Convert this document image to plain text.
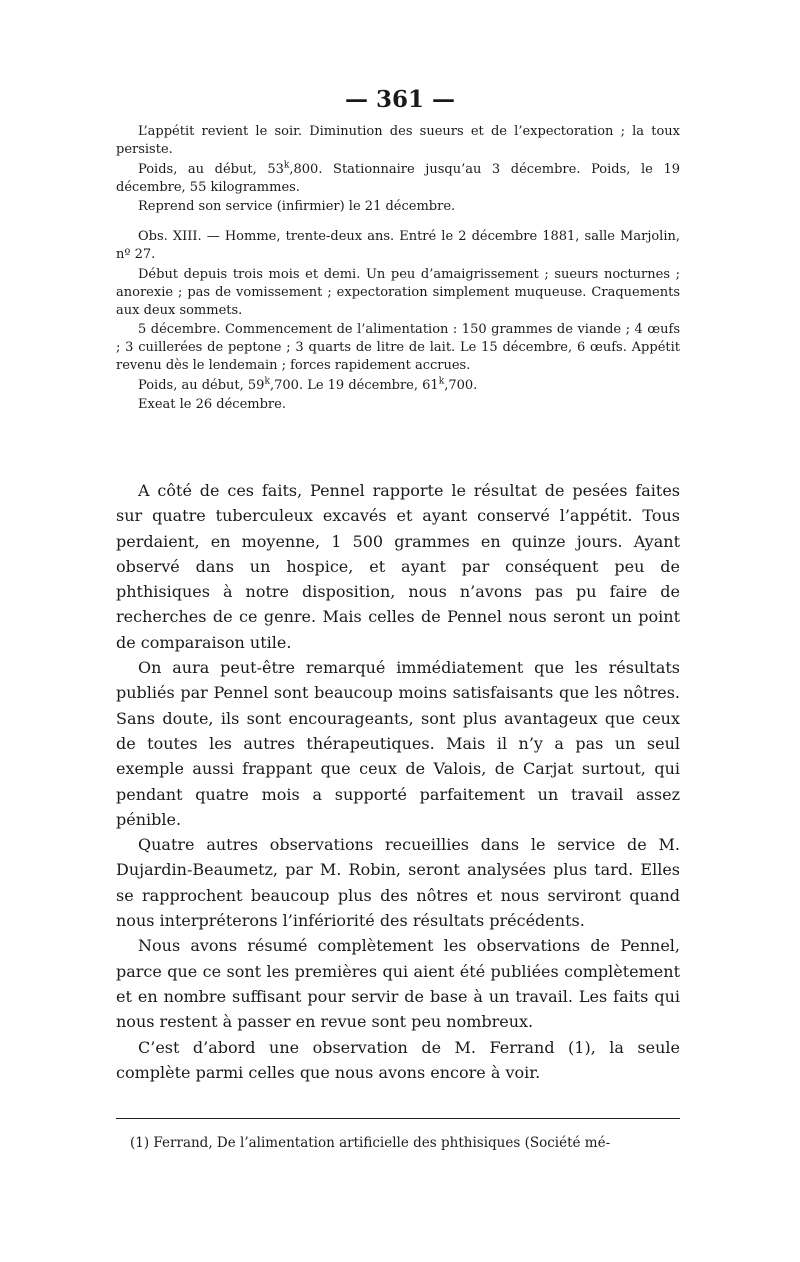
— 361 —

L’appétit revient le soir. Diminution des sueurs et de l’expectoration ; la toux persiste.

Poids, au début, 53$^k$,800. Stationnaire jusqu’au 3 décembre. Poids, le 19 décembre, 55 kilogrammes.

Reprend son service (infirmier) le 21 décembre.

Obs. XIII. — Homme, trente-deux ans. Entré le 2 décembre 1881, salle Marjolin, nº 27.

Début depuis trois mois et demi. Un peu d’amaigrissement ; sueurs nocturnes ; anorexie ; pas de vomissement ; expectoration simplement muqueuse. Craquements aux deux sommets.

5 décembre. Commencement de l’alimentation : 150 grammes de viande ; 4 œufs ; 3 cuillerées de peptone ; 3 quarts de litre de lait. Le 15 décembre, 6 œufs. Appétit revenu dès le lendemain ; forces rapidement accrues.

Poids, au début, 59$^k$,700. Le 19 décembre, 61$^k$,700.

Exeat le 26 décembre.

A côté de ces faits, Pennel rapporte le résultat de pesées faites sur quatre tuberculeux excavés et ayant conservé l’appétit. Tous perdaient, en moyenne, 1 500 grammes en quinze jours. Ayant observé dans un hospice, et ayant par conséquent peu de phthisiques à notre disposition, nous n’avons pas pu faire de recherches de ce genre. Mais celles de Pennel nous seront un point de comparaison utile.

On aura peut-être remarqué immédiatement que les résultats publiés par Pennel sont beaucoup moins satisfaisants que les nôtres. Sans doute, ils sont encourageants, sont plus avantageux que ceux de toutes les autres thérapeutiques. Mais il n’y a pas un seul exemple aussi frappant que ceux de Valois, de Carjat surtout, qui pendant quatre mois a supporté parfaitement un travail assez pénible.

Quatre autres observations recueillies dans le service de M. Dujardin-Beaumetz, par M. Robin, seront analysées plus tard. Elles se rapprochent beaucoup plus des nôtres et nous serviront quand nous interpréterons l’infériorité des résultats précédents.

Nous avons résumé complètement les observations de Pennel, parce que ce sont les premières qui aient été publiées complètement et en nombre suffisant pour servir de base à un travail. Les faits qui nous restent à passer en revue sont peu nombreux.

C’est d’abord une observation de M. Ferrand (1), la seule complète parmi celles que nous avons encore à voir.

(1) Ferrand, De l’alimentation artificielle des phthisiques (Société mé-
